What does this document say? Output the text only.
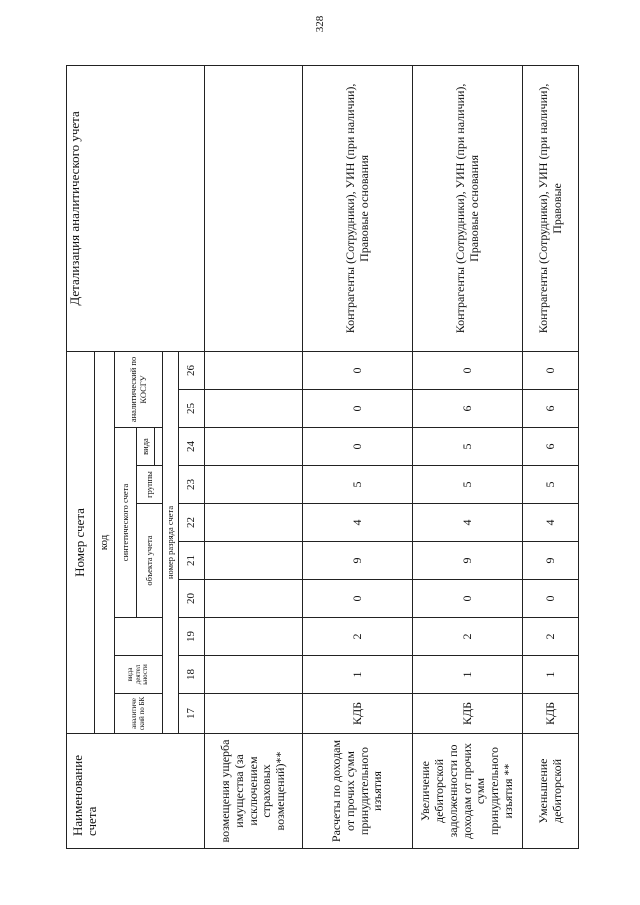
328
Наименование счета	Номер счета										Детализация аналитического учета
	код										
	аналитиче ский по БК	вида деятел ьности		синтетического счета					аналитический по КОСГУ		
				объекта учета			группы	вида			

	номер разряда счета										
	17	18	19	20	21	22	23	24	25	26	
возмещения ущерба имущества (за исключением страховых возмещений)**											
Расчеты по доходам от прочих сумм принудительного изъятия	КДБ	1	2	0	9	4	5	0	0	0	Контрагенты (Сотрудники), УИН (при наличии), Правовые основания
Увеличение дебиторской задолженности по доходам от прочих сумм принудительного изъятия **	КДБ	1	2	0	9	4	5	5	6	0	Контрагенты (Сотрудники), УИН (при наличии), Правовые основания
Уменьшение дебиторской	КДБ	1	2	0	9	4	5	6	6	0	Контрагенты (Сотрудники), УИН (при наличии), Правовые
